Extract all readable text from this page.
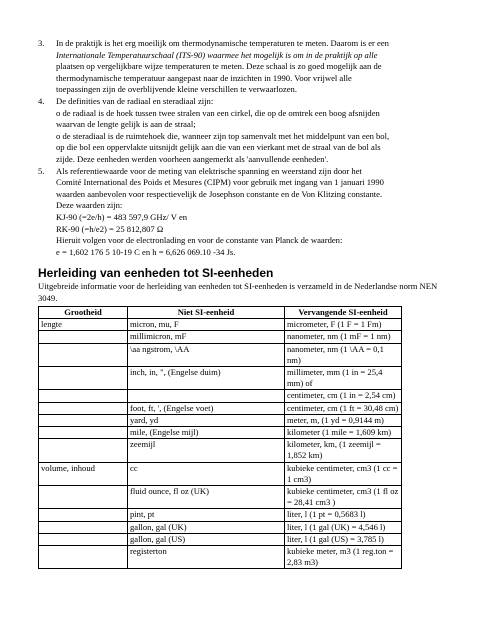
3. In de praktijk is het erg moeilijk om thermodynamische temperaturen te meten. Daarom is er een

Internationale Temperatuurschaal (ITS-90) waarmee het mogelijk is om in de praktijk op alle

plaatsen op vergelijkbare wijze temperaturen te meten. Deze schaal is zo goed mogelijk aan de

thermodynamische temperatuur aangepast naar de inzichten in 1990. Voor vrijwel alle

toepassingen zijn de overblijvende kleine verschillen te verwaarlozen.

4. De definities van de radiaal en steradiaal zijn:

o de radiaal is de hoek tussen twee stralen van een cirkel, die op de omtrek een boog afsnijden

waarvan de lengte gelijk is aan de straal;

o de steradiaal is de ruimtehoek die, wanneer zijn top samenvalt met het middelpunt van een bol,

op die bol een oppervlakte uitsnijdt gelijk aan die van een vierkant met de straal van de bol als

zijde. Deze eenheden werden voorheen aangemerkt als 'aanvullende eenheden'.

5. Als referentiewaarde voor de meting van elektrische spanning en weerstand zijn door het

Comité International des Poids et Mesures (CIPM) voor gebruik met ingang van 1 januari 1990

waarden aanbevolen voor respectievelijk de Josephson constante en de Von Klitzing constante.

Deze waarden zijn:

KJ-90 (=2e/h) = 483 597,9 GHz/ V en

RK-90 (=h/e2) = 25 812,807 Ω

Hieruit volgen voor de electronlading en voor de constante van Planck de waarden:

e = 1,602 176 5 10-19 C en h = 6,626 069.10 -34 Js.

Herleiding van eenheden tot SI-eenheden

Uitgebreide informatie voor de herleiding van eenheden tot SI-eenheden is verzameld in de Nederlandse norm NEN 3049.

Grootheid	Niet SI-eenheid	Vervangende SI-eenheid
lengte	micron, mu, F	micrometer, F (1 F = 1 Fm)
	millimicron, mF	nanometer, nm (1 mF = 1 nm)
	\aa ngstrom, \AA	nanometer, nm (1 \AA = 0,1 nm)
	inch, in, ", (Engelse duim)	millimeter, mm (1 in = 25,4 mm) of
		centimeter, cm (1 in = 2,54 cm)
	foot, ft, ', (Engelse voet)	centimeter, cm (1 ft = 30,48 cm)
	yard, yd	meter, m, (1 yd = 0,9144 m)
	mile, (Engelse mijl)	kilometer (1 mile = 1,609 km)
	zeemijl	kilometer, km, (1 zeemijl = 1,852 km)
volume, inhoud	cc	kubieke centimeter, cm3 (1 cc = 1 cm3)
	fluid ounce, fl oz (UK)	kubieke centimeter, cm3 (1 fl oz = 28,41 cm3 )
	pint, pt	liter, l (1 pt = 0,5683 l)
	gallon, gal (UK)	liter, l (1 gal (UK) = 4,546 l)
	gallon, gal (US)	liter, l (1 gal (US) = 3,785 l)
	registerton	kubieke meter, m3 (1 reg.ton = 2,83 m3)
